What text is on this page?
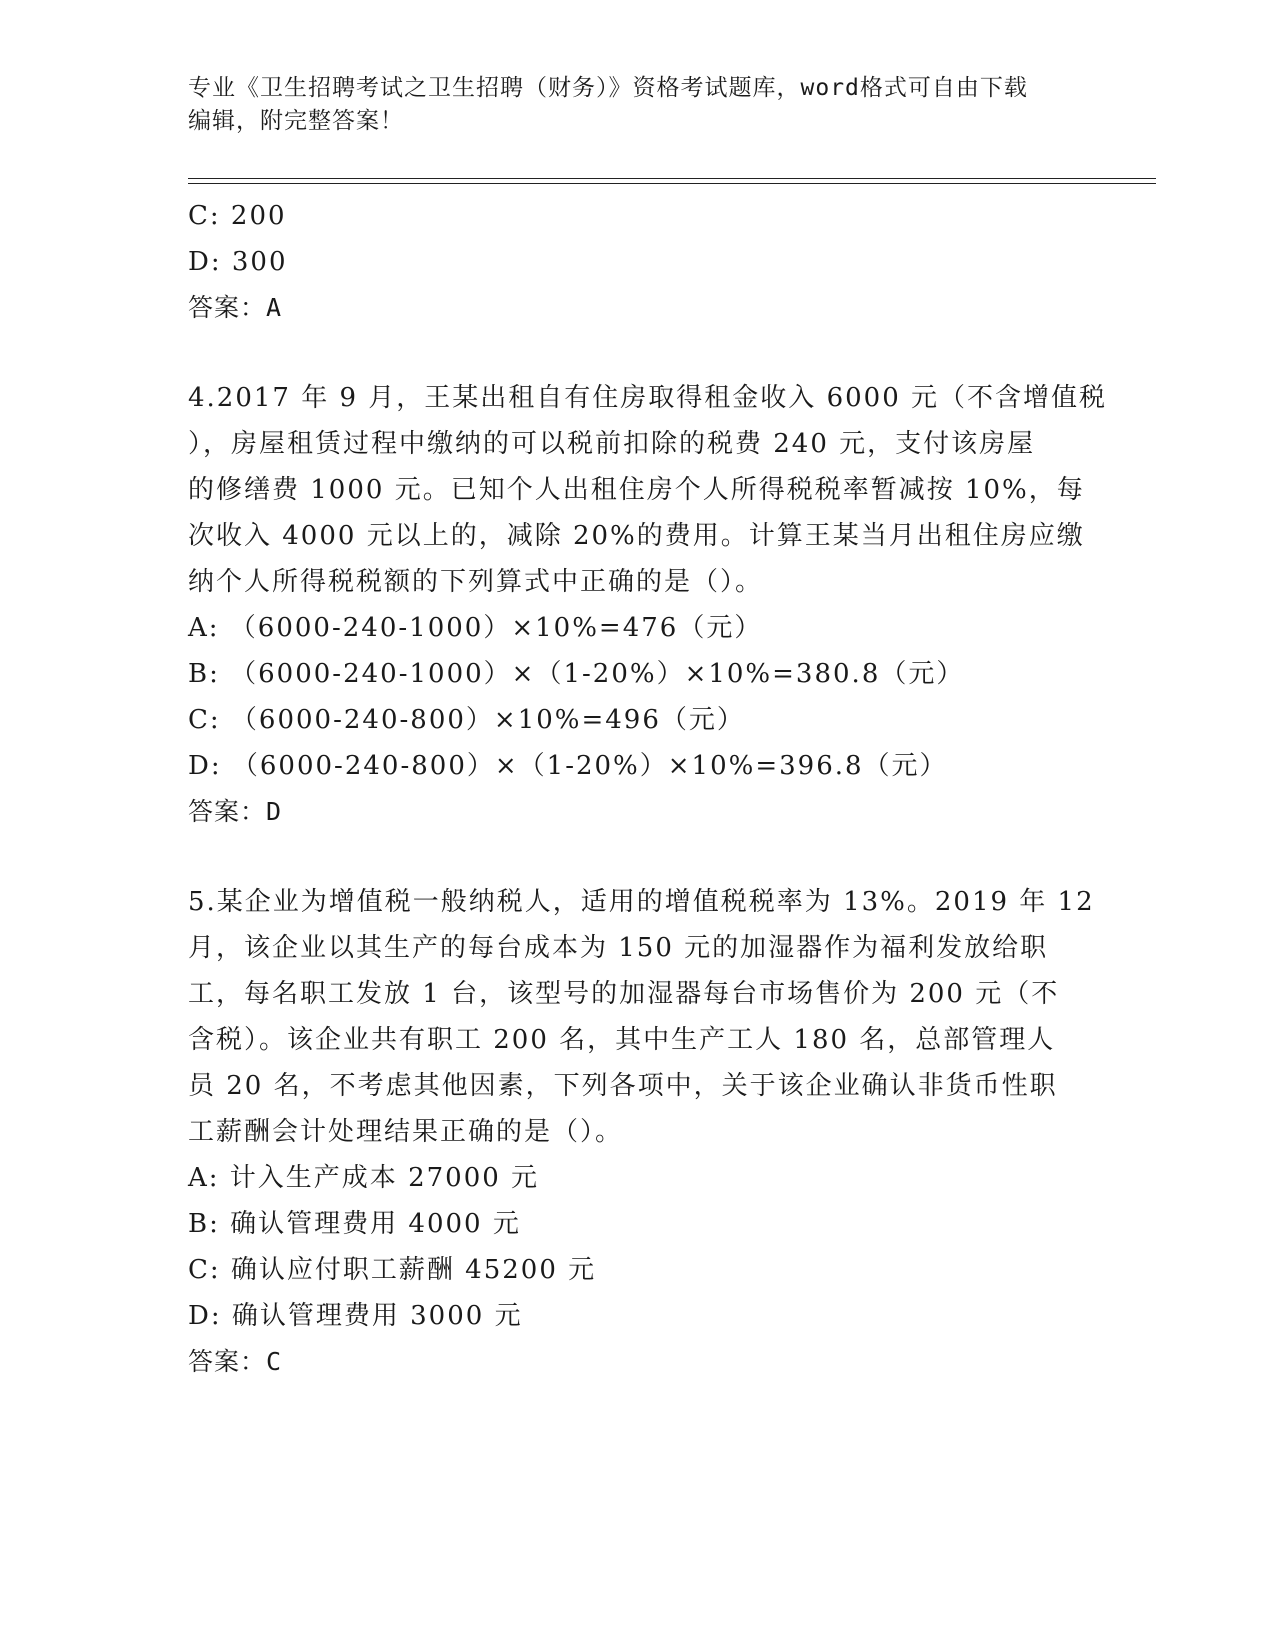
专业《卫生招聘考试之卫生招聘（财务）》资格考试题库，word格式可自由下载
编辑，附完整答案！
C: 200
D: 300
答案：A
4.2017 年 9 月，王某出租自有住房取得租金收入 6000 元（不含增值税
），房屋租赁过程中缴纳的可以税前扣除的税费 240 元，支付该房屋
的修缮费 1000 元。已知个人出租住房个人所得税税率暂减按 10%，每
次收入 4000 元以上的，减除 20%的费用。计算王某当月出租住房应缴
纳个人所得税税额的下列算式中正确的是（）。
A: （6000-240-1000）×10%=476（元）
B: （6000-240-1000）×（1-20%）×10%=380.8（元）
C: （6000-240-800）×10%=496（元）
D: （6000-240-800）×（1-20%）×10%=396.8（元）
答案：D
5.某企业为增值税一般纳税人，适用的增值税税率为 13%。2019 年 12
月，该企业以其生产的每台成本为 150 元的加湿器作为福利发放给职
工，每名职工发放 1 台，该型号的加湿器每台市场售价为 200 元（不
含税）。该企业共有职工 200 名，其中生产工人 180 名，总部管理人
员 20 名，不考虑其他因素，下列各项中，关于该企业确认非货币性职
工薪酬会计处理结果正确的是（）。
A: 计入生产成本 27000 元
B: 确认管理费用 4000 元
C: 确认应付职工薪酬 45200 元
D: 确认管理费用 3000 元
答案：C
